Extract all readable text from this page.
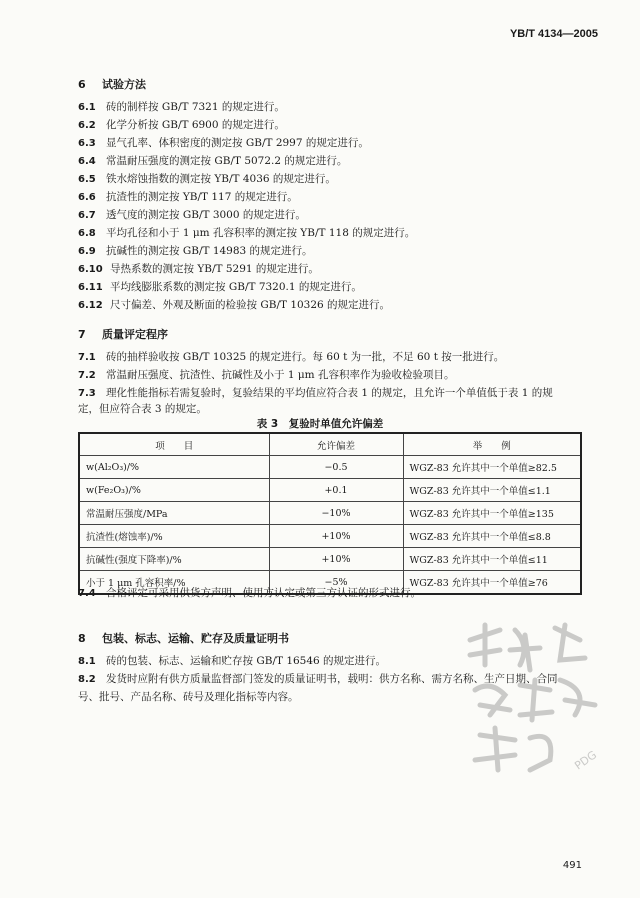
YB/T 4134—2005
6 试验方法
6.1 砖的制样按 GB/T 7321 的规定进行。
6.2 化学分析按 GB/T 6900 的规定进行。
6.3 显气孔率、体积密度的测定按 GB/T 2997 的规定进行。
6.4 常温耐压强度的测定按 GB/T 5072.2 的规定进行。
6.5 铁水熔蚀指数的测定按 YB/T 4036 的规定进行。
6.6 抗渣性的测定按 YB/T 117 的规定进行。
6.7 透气度的测定按 GB/T 3000 的规定进行。
6.8 平均孔径和小于 1 μm 孔容积率的测定按 YB/T 118 的规定进行。
6.9 抗碱性的测定按 GB/T 14983 的规定进行。
6.10 导热系数的测定按 YB/T 5291 的规定进行。
6.11 平均线膨胀系数的测定按 GB/T 7320.1 的规定进行。
6.12 尺寸偏差、外观及断面的检验按 GB/T 10326 的规定进行。
7 质量评定程序
7.1 砖的抽样验收按 GB/T 10325 的规定进行。每 60 t 为一批，不足 60 t 按一批进行。
7.2 常温耐压强度、抗渣性、抗碱性及小于 1 μm 孔容积率作为验收检验项目。
7.3 理化性能指标若需复验时，复验结果的平均值应符合表 1 的规定，且允许一个单值低于表 1 的规
定，但应符合表 3 的规定。
表 3　复验时单值允许偏差
项　　目	允许偏差	举　　例
w(Al₂O₃)/%	−0.5	WGZ-83 允许其中一个单值≥82.5
w(Fe₂O₃)/%	+0.1	WGZ-83 允许其中一个单值≤1.1
常温耐压强度/MPa	−10%	WGZ-83 允许其中一个单值≥135
抗渣性(熔蚀率)/%	+10%	WGZ-83 允许其中一个单值≤8.8
抗碱性(强度下降率)/%	+10%	WGZ-83 允许其中一个单值≤11
小于 1 μm 孔容积率/%	−5%	WGZ-83 允许其中一个单值≥76
7.4 合格评定可采用供货方声明、使用方认定或第三方认证的形式进行。
8 包装、标志、运输、贮存及质量证明书
8.1 砖的包装、标志、运输和贮存按 GB/T 16546 的规定进行。
8.2 发货时应附有供方质量监督部门签发的质量证明书，载明：供方名称、需方名称、生产日期、合同
号、批号、产品名称、砖号及理化指标等内容。
PDG
491
